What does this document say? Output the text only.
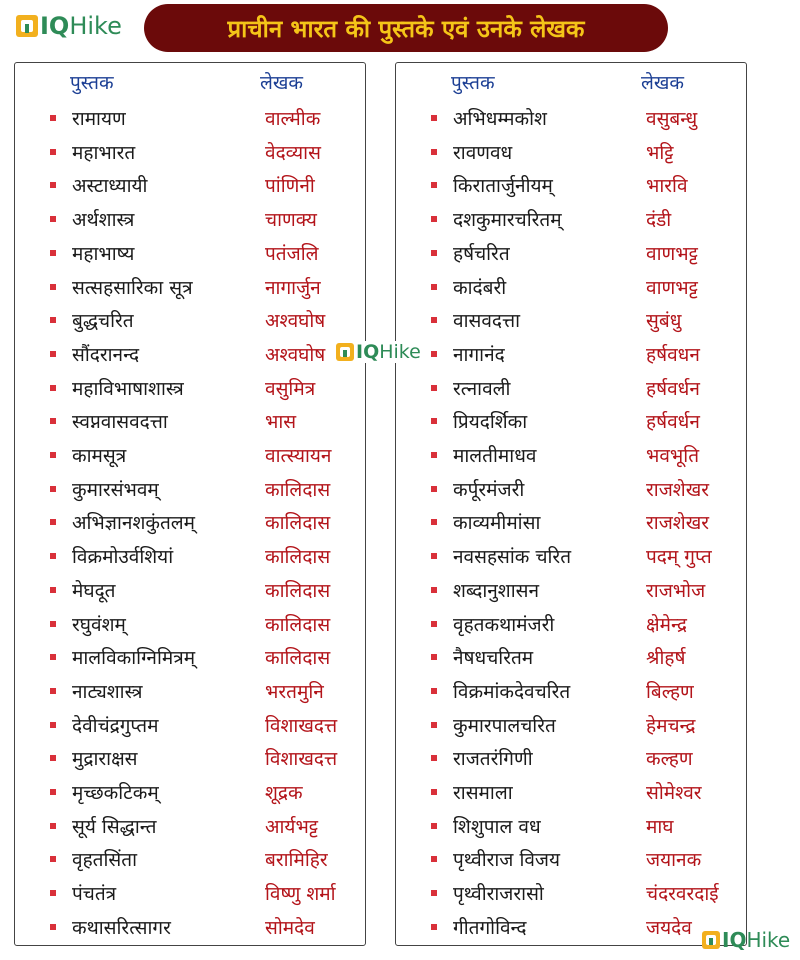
IQ Hike	प्राचीन भारत की पुस्तके एवं उनके लेखक
पुस्तक	लेखक
रामायण	वाल्मीक
महाभारत	वेदव्यास
अस्टाध्यायी	पांणिनी
अर्थशास्त्र	चाणक्य
महाभाष्य	पतंजलि
सत्सहसारिका सूत्र	नागार्जुन
बुद्धचरित	अश्वघोष
सौंदरानन्द	अश्वघोष
महाविभाषाशास्त्र	वसुमित्र
स्वप्नवासवदत्ता	भास
कामसूत्र	वात्स्यायन
कुमारसंभवम्	कालिदास
अभिज्ञानशकुंतलम्	कालिदास
विक्रमोउर्वशियां	कालिदास
मेघदूत	कालिदास
रघुवंशम्	कालिदास
मालविकाग्निमित्रम्	कालिदास
नाट्यशास्त्र	भरतमुनि
देवीचंद्रगुप्तम	विशाखदत्त
मुद्राराक्षस	विशाखदत्त
मृच्छकटिकम्	शूद्रक
सूर्य सिद्धान्त	आर्यभट्ट
वृहतसिंता	बरामिहिर
पंचतंत्र	विष्णु शर्मा
कथासरित्सागर	सोमदेव
पुस्तक	लेखक
अभिधम्मकोश	वसुबन्धु
रावणवध	भट्टि
किरातार्जुनीयम्	भारवि
दशकुमारचरितम्	दंडी
हर्षचरित	वाणभट्ट
कादंबरी	वाणभट्ट
वासवदत्ता	सुबंधु
नागानंद	हर्षवधन
रत्नावली	हर्षवर्धन
प्रियदर्शिका	हर्षवर्धन
मालतीमाधव	भवभूति
कर्पूरमंजरी	राजशेखर
काव्यमीमांसा	राजशेखर
नवसहसांक चरित	पदम् गुप्त
शब्दानुशासन	राजभोज
वृहतकथामंजरी	क्षेमेन्द्र
नैषधचरितम	श्रीहर्ष
विक्रमांकदेवचरित	बिल्हण
कुमारपालचरित	हेमचन्द्र
राजतरंगिणी	कल्हण
रासमाला	सोमेश्वर
शिशुपाल वध	माघ
पृथ्वीराज विजय	जयानक
पृथ्वीराजरासो	चंदरवरदाई
गीतगोविन्द	जयदेव
IQ Hike
IQ Hike
